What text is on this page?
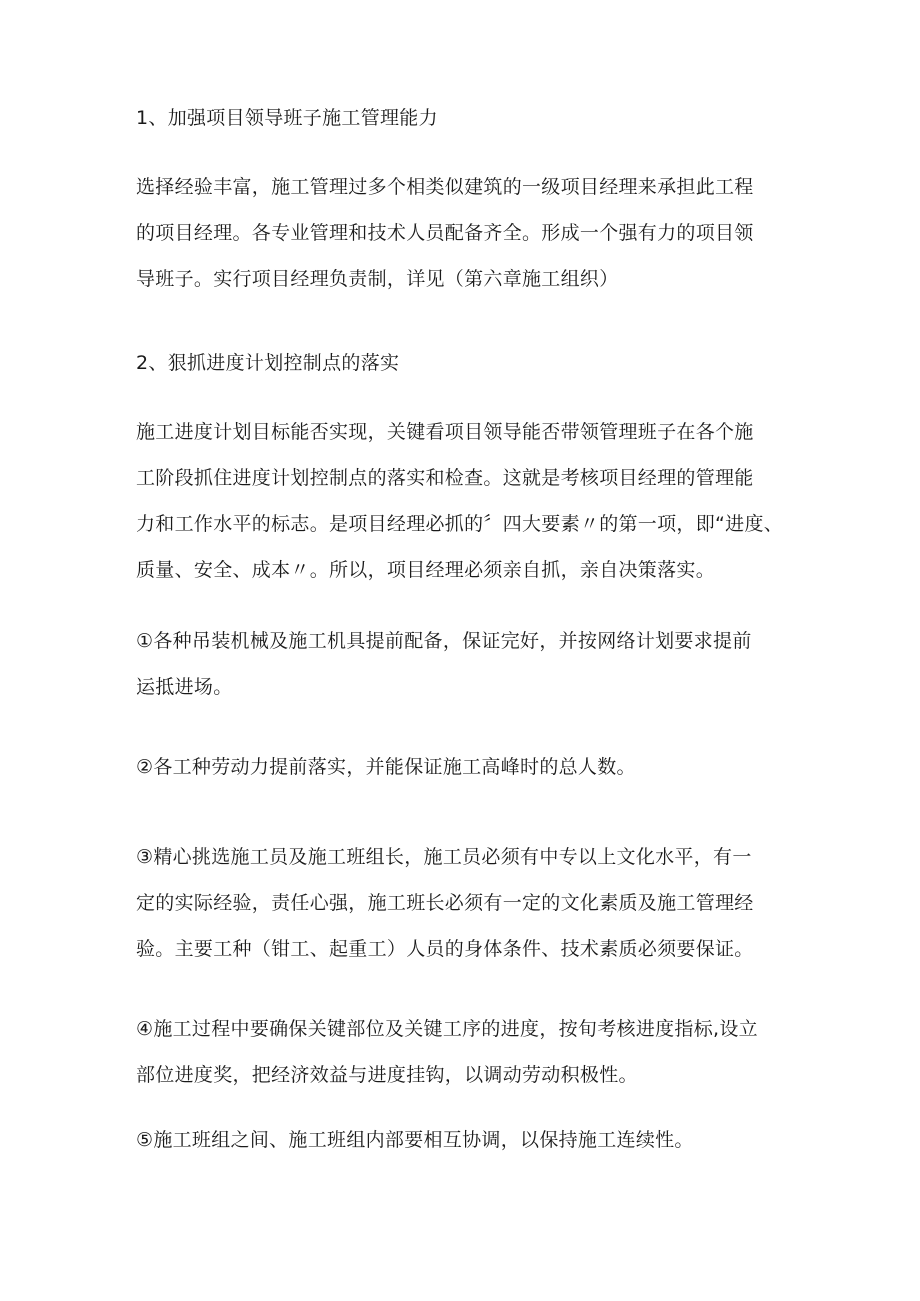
1、加强项目领导班子施工管理能力
选择经验丰富，施工管理过多个相类似建筑的一级项目经理来承担此工程
的项目经理。各专业管理和技术人员配备齐全。形成一个强有力的项目领
导班子。实行项目经理负责制，详见（第六章施工组织）
2、狠抓进度计划控制点的落实
施工进度计划目标能否实现，关键看项目领导能否带领管理班子在各个施
工阶段抓住进度计划控制点的落实和检查。这就是考核项目经理的管理能
力和工作水平的标志。是项目经理必抓的〞四大要素〃的第一项，即“进度、
质量、安全、成本〃。所以，项目经理必须亲自抓，亲自决策落实。
①各种吊装机械及施工机具提前配备，保证完好，并按网络计划要求提前
运抵进场。
②各工种劳动力提前落实，并能保证施工高峰时的总人数。
③精心挑选施工员及施工班组长，施工员必须有中专以上文化水平，有一
定的实际经验，责任心强，施工班长必须有一定的文化素质及施工管理经
验。主要工种（钳工、起重工）人员的身体条件、技术素质必须要保证。
④施工过程中要确保关键部位及关键工序的进度，按旬考核进度指标,设立
部位进度奖，把经济效益与进度挂钩，以调动劳动积极性。
⑤施工班组之间、施工班组内部要相互协调，以保持施工连续性。
